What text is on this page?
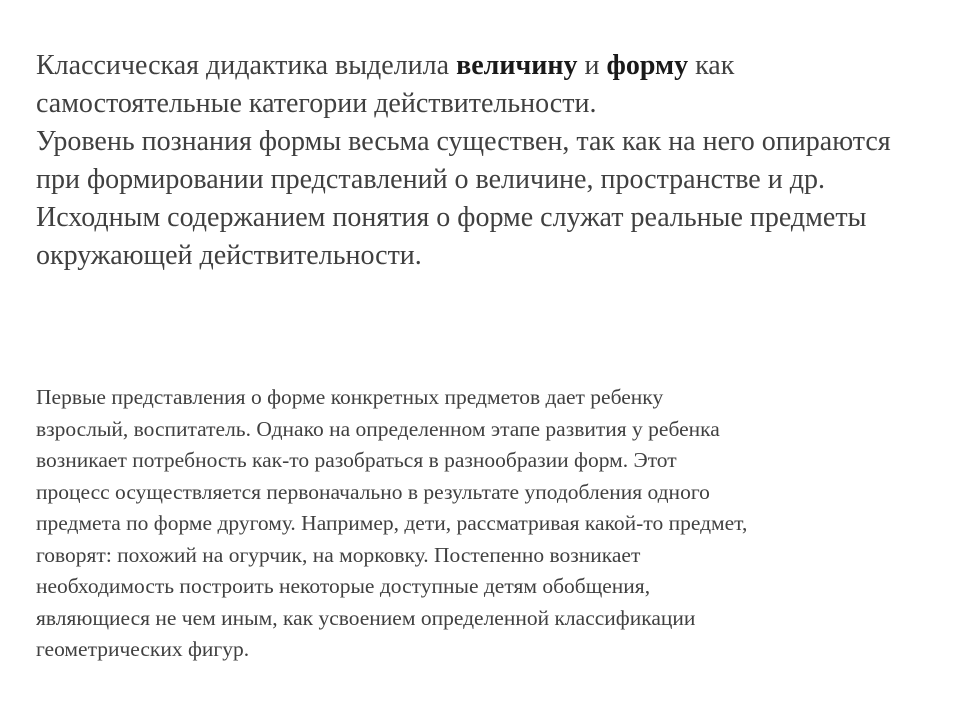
Классическая дидактика выделила величину и форму как самостоятельные категории действительности.

Уровень познания формы весьма существен, так как на него опираются при формировании представлений о величине, пространстве и др.

Исходным содержанием понятия о форме служат реальные предметы окружающей действительности.

Первые представления о форме конкретных предметов дает ребенку
взрослый, воспитатель. Однако на определенном этапе развития у ребенка
возникает потребность как-то разобраться в разнообразии форм. Этот
процесс осуществляется первоначально в результате уподобления одного
предмета по форме другому. Например, дети, рассматривая какой-то предмет,
говорят: похожий на огурчик, на морковку. Постепенно возникает
необходимость построить некоторые доступные детям обобщения,
являющиеся не чем иным, как усвоением определенной классификации
геометрических фигур.
